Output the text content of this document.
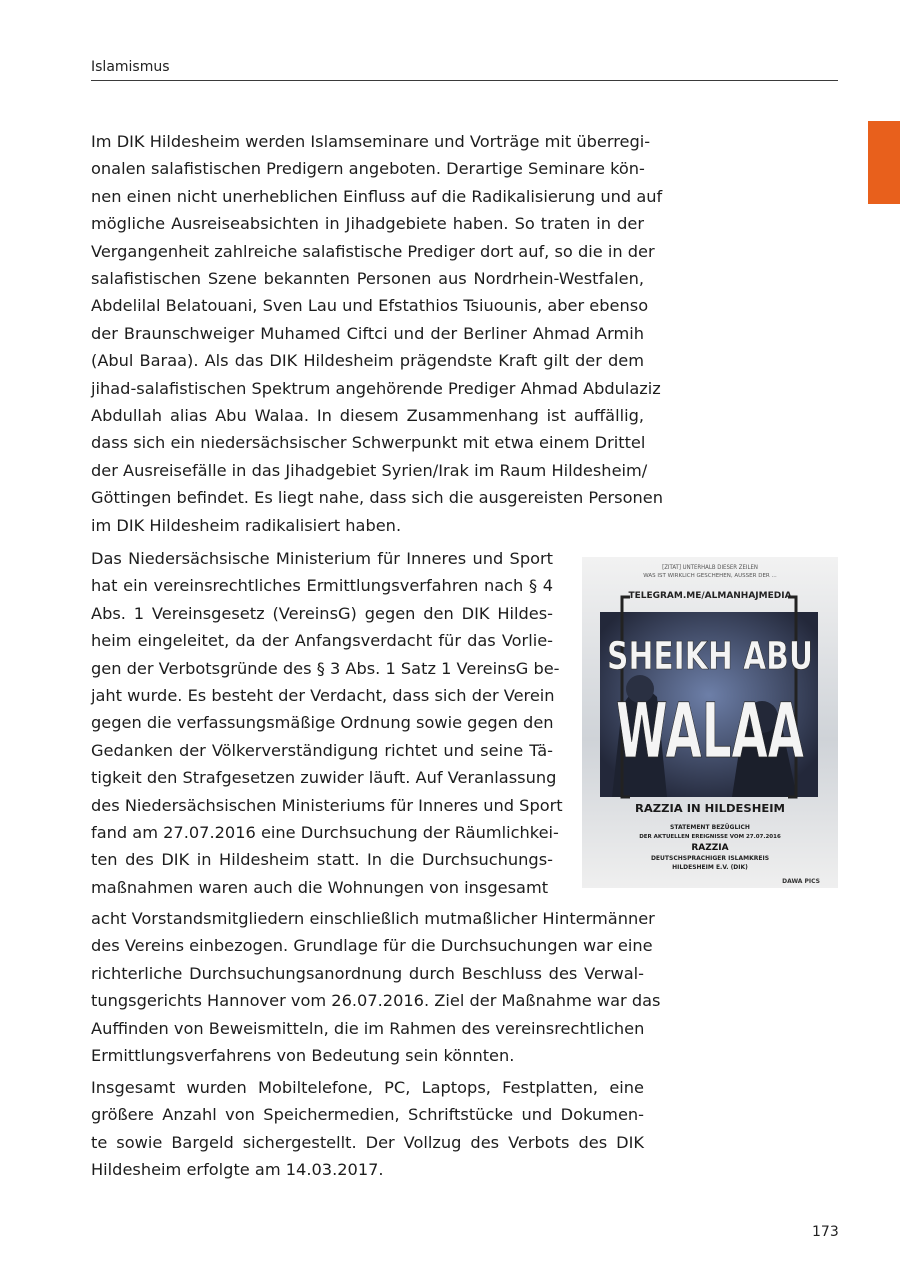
Islamismus

Im DIK Hildesheim werden Islamseminare und Vorträge mit überregi-
onalen salafistischen Predigern angeboten. Derartige Seminare kön-
nen einen nicht unerheblichen Einfluss auf die Radikalisierung und auf
mögliche Ausreiseabsichten in Jihadgebiete haben. So traten in der
Vergangenheit zahlreiche salafistische Prediger dort auf, so die in der
salafistischen Szene bekannten Personen aus Nordrhein-Westfalen,
Abdelilal Belatouani, Sven Lau und Efstathios Tsiuounis, aber ebenso
der Braunschweiger Muhamed Ciftci und der Berliner Ahmad Armih
(Abul Baraa). Als das DIK Hildesheim prägendste Kraft gilt der dem
jihad-salafistischen Spektrum angehörende Prediger Ahmad Abdulaziz
Abdullah alias Abu Walaa. In diesem Zusammenhang ist auffällig,
dass sich ein niedersächsischer Schwerpunkt mit etwa einem Drittel
der Ausreisefälle in das Jihadgebiet Syrien/Irak im Raum Hildesheim/
Göttingen befindet. Es liegt nahe, dass sich die ausgereisten Personen
im DIK Hildesheim radikalisiert haben.

Das Niedersächsische Ministerium für Inneres und Sport
hat ein vereinsrechtliches Ermittlungsverfahren nach § 4
Abs. 1 Vereinsgesetz (VereinsG) gegen den DIK Hildes-
heim eingeleitet, da der Anfangsverdacht für das Vorlie-
gen der Verbotsgründe des § 3 Abs. 1 Satz 1 VereinsG be-
jaht wurde. Es besteht der Verdacht, dass sich der Verein
gegen die verfassungsmäßige Ordnung sowie gegen den
Gedanken der Völkerverständigung richtet und seine Tä-
tigkeit den Strafgesetzen zuwider läuft. Auf Veranlassung
des Niedersächsischen Ministeriums für Inneres und Sport
fand am 27.07.2016 eine Durchsuchung der Räumlichkei-
ten des DIK in Hildesheim statt. In die Durchsuchungs-
maßnahmen waren auch die Wohnungen von insgesamt

acht Vorstandsmitgliedern einschließlich mutmaßlicher Hintermänner
des Vereins einbezogen. Grundlage für die Durchsuchungen war eine
richterliche Durchsuchungsanordnung durch Beschluss des Verwal-
tungsgerichts Hannover vom 26.07.2016. Ziel der Maßnahme war das
Auffinden von Beweismitteln, die im Rahmen des vereinsrechtlichen
Ermittlungsverfahrens von Bedeutung sein könnten.

Insgesamt wurden Mobiltelefone, PC, Laptops, Festplatten, eine
größere Anzahl von Speichermedien, Schriftstücke und Dokumen-
te sowie Bargeld sichergestellt. Der Vollzug des Verbots des DIK
Hildesheim erfolgte am 14.03.2017.

[ZITAT] UNTERHALB DIESER ZEILEN
WAS IST WIRKLICH GESCHEHEN, AUSSER DER ...
TELEGRAM.ME/ALMANHAJMEDIA
SHEIKH ABU
WALAA
RAZZIA IN HILDESHEIM
STATEMENT BEZÜGLICH
DER AKTUELLEN EREIGNISSE VOM 27.07.2016
RAZZIA
DEUTSCHSPRACHIGER ISLAMKREIS
HILDESHEIM E.V. (DIK)
DAWA PICS
173
